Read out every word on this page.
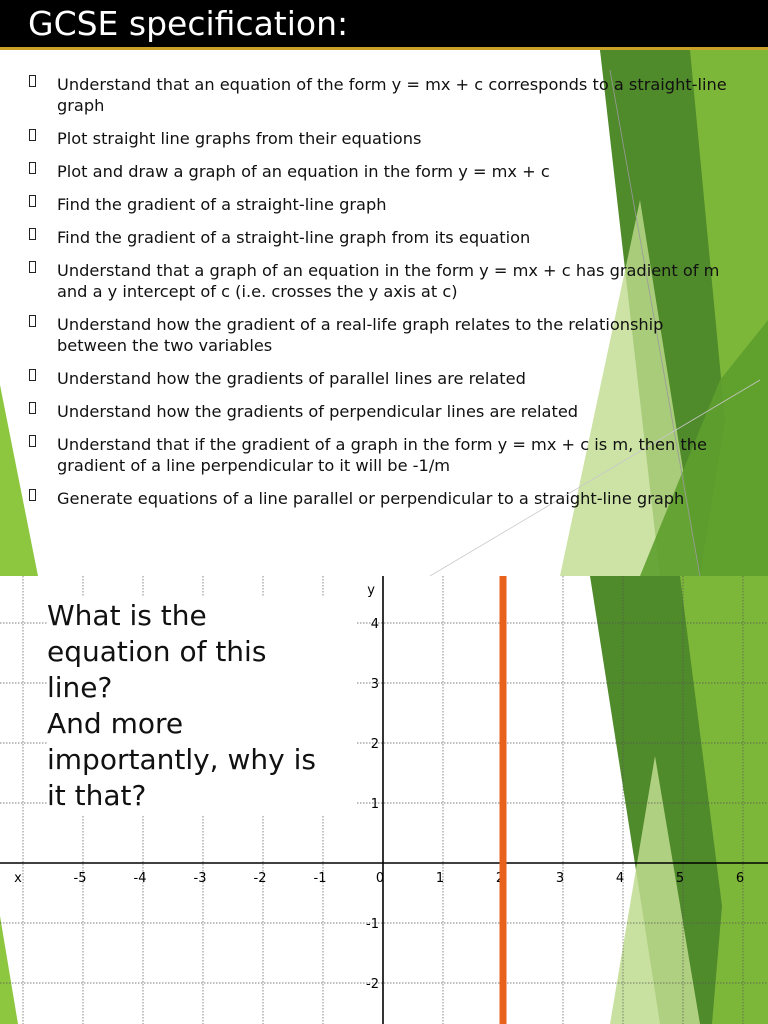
GCSE specification:
Understand that an equation of the form y = mx + c corresponds to a straight-line graph
Plot straight line graphs from their equations
Plot and draw a graph of an equation in the form y = mx + c
Find the gradient of a straight-line graph
Find the gradient of a straight-line graph from its equation
Understand that a graph of an equation in the form y = mx + c has gradient of m and a y intercept of c (i.e. crosses the y axis at c)
Understand how the gradient of a real-life graph relates to the relationship between the two variables
Understand how the gradients of parallel lines are related
Understand how the gradients of perpendicular lines are related
Understand that if the gradient of a graph in the form y = mx + c is m, then the gradient of a line perpendicular to it will be -1/m
Generate equations of a line parallel or perpendicular to a straight-line graph
-5	-4	-3	-2	-1	0	1	2	3	4	5	6
-2
-1
1
2
3
4
x
y
What is the
equation of this
line?
And more
importantly, why is
it that?
